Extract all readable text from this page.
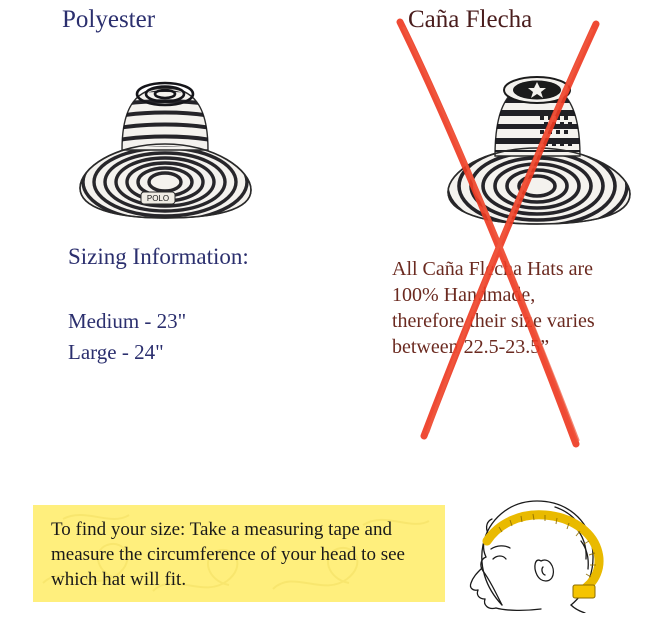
Polyester	Caña Flecha
POLO
Sizing Information:
Medium - 23"
Large - 24"
All Caña Flecha Hats are 100% Handmade, therefore their size varies between 22.5-23.5”
To find your size: Take a measuring tape and measure the circumference of your head to see which hat will fit.
